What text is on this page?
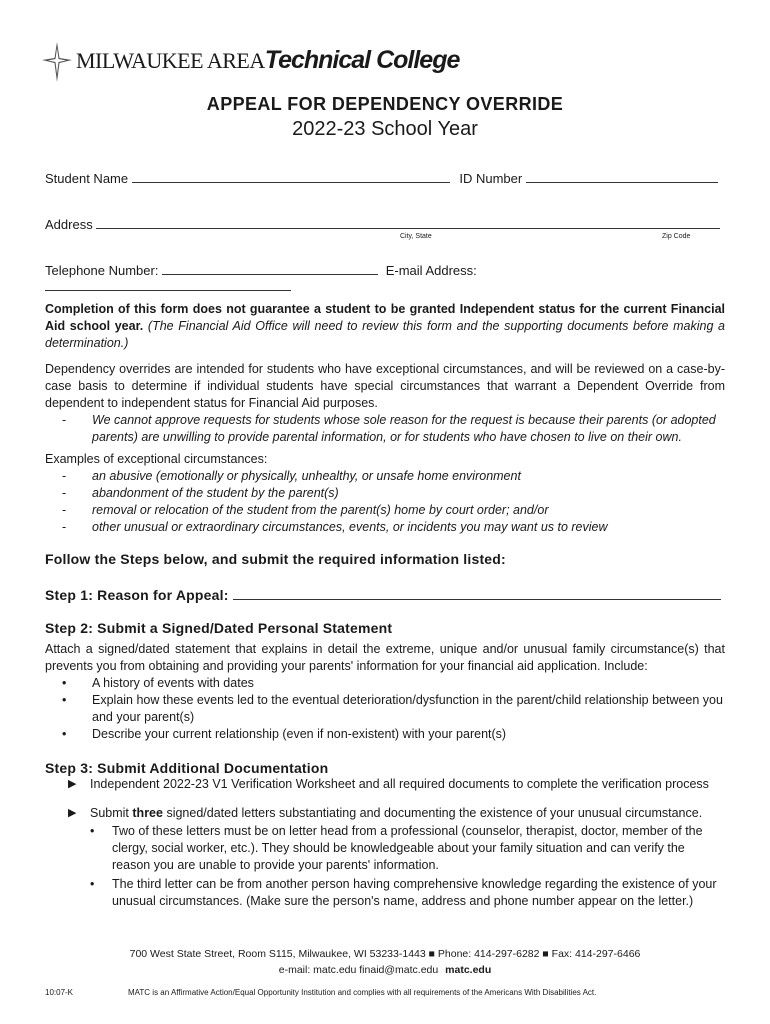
MILWAUKEE AREATechnical College
APPEAL FOR DEPENDENCY OVERRIDE
2022-23 School Year
Student Name	ID Number
Address
City, State	Zip Code
Telephone Number:	E-mail Address:
Completion of this form does not guarantee a student to be granted Independent status for the current Financial Aid school year. (The Financial Aid Office will need to review this form and the supporting documents before making a determination.)
Dependency overrides are intended for students who have exceptional circumstances, and will be reviewed on a case-by-case basis to determine if individual students have special circumstances that warrant a Dependent Override from dependent to independent status for Financial Aid purposes.
-	We cannot approve requests for students whose sole reason for the request is because their parents (or adopted parents) are unwilling to provide parental information, or for students who have chosen to live on their own.
Examples of exceptional circumstances:
-	an abusive (emotionally or physically, unhealthy, or unsafe home environment
-	abandonment of the student by the parent(s)
-	removal or relocation of the student from the parent(s) home by court order; and/or
-	other unusual or extraordinary circumstances, events, or incidents you may want us to review
Follow the Steps below, and submit the required information listed:
Step 1: Reason for Appeal:
Step 2: Submit a Signed/Dated Personal Statement
Attach a signed/dated statement that explains in detail the extreme, unique and/or unusual family circumstance(s) that prevents you from obtaining and providing your parents' information for your financial aid application. Include:
•	A history of events with dates
•	Explain how these events led to the eventual deterioration/dysfunction in the parent/child relationship between you and your parent(s)
•	Describe your current relationship (even if non-existent) with your parent(s)
Step 3: Submit Additional Documentation
▶	Independent 2022-23 V1 Verification Worksheet and all required documents to complete the verification process
▶	Submit three signed/dated letters substantiating and documenting the existence of your unusual circumstance.
•	Two of these letters must be on letter head from a professional (counselor, therapist, doctor, member of the clergy, social worker, etc.). They should be knowledgeable about your family situation and can verify the reason you are unable to provide your parents' information.
•	The third letter can be from another person having comprehensive knowledge regarding the existence of your unusual circumstances. (Make sure the person's name, address and phone number appear on the letter.)
700 West State Street, Room S115, Milwaukee, WI 53233-1443 ■ Phone: 414-297-6282 ■ Fax: 414-297-6466
e-mail: matc.edu finaid@matc.edu matc.edu
10:07-K	MATC is an Affirmative Action/Equal Opportunity Institution and complies with all requirements of the Americans With Disabilities Act.
